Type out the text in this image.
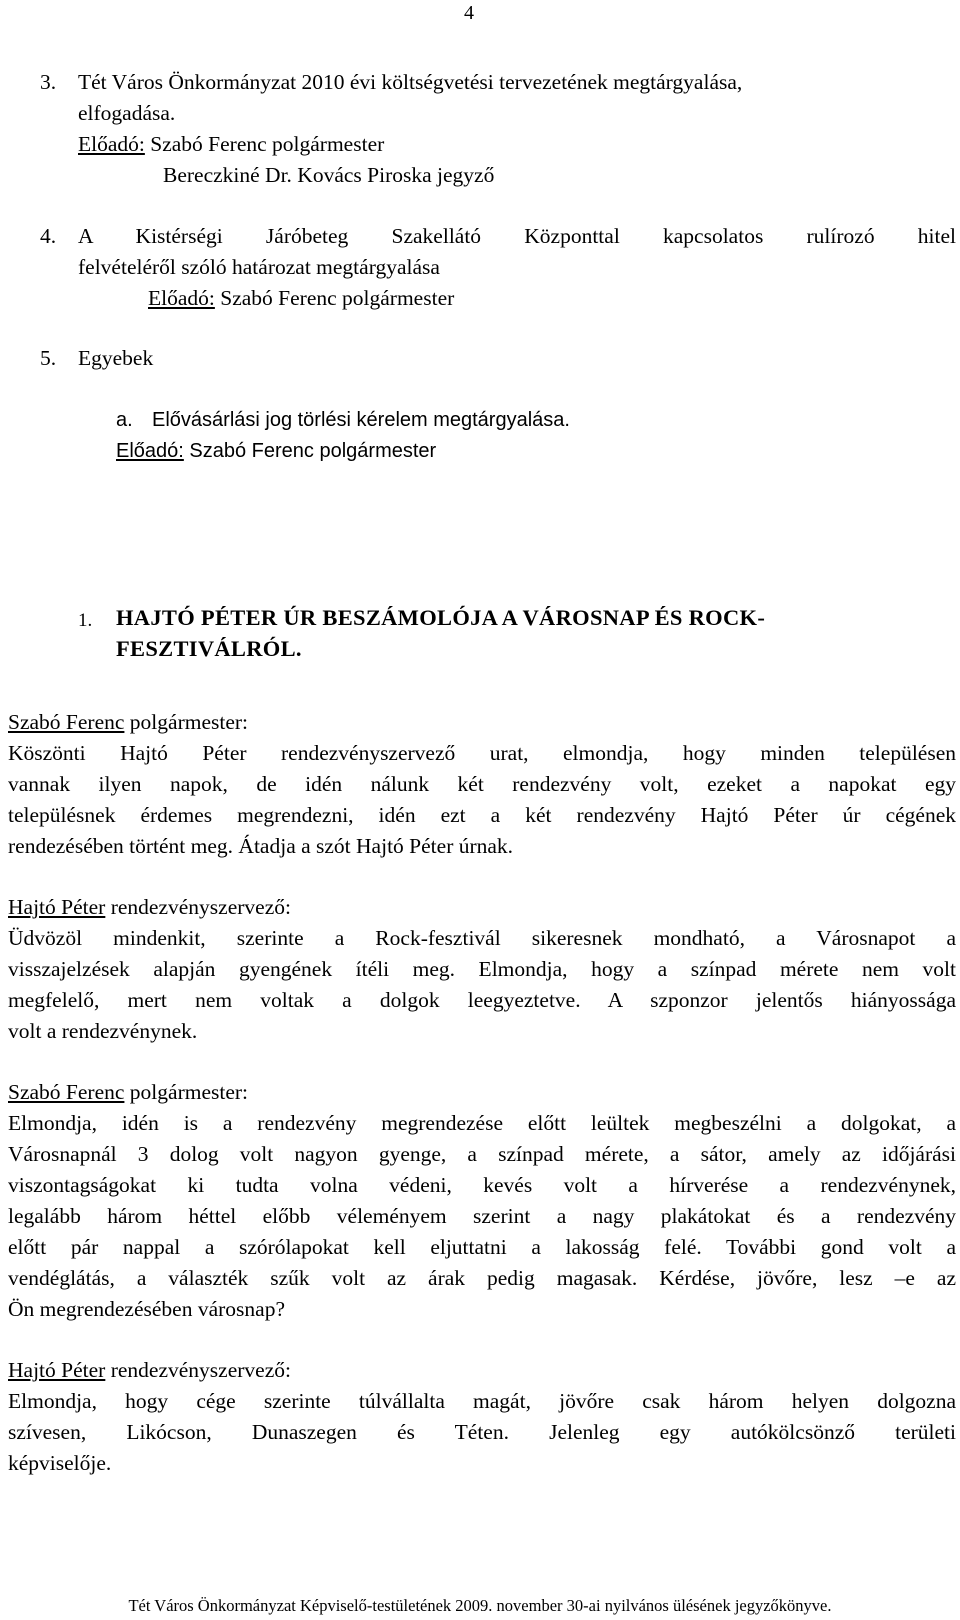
4
3. Tét Város Önkormányzat 2010 évi költségvetési tervezetének megtárgyalása,
elfogadása.
Előadó: Szabó Ferenc polgármester
Bereczkiné Dr. Kovács Piroska jegyző
4. A Kistérségi Járóbeteg Szakellátó Központtal kapcsolatos rulírozó hitel
felvételéről szóló határozat megtárgyalása
Előadó: Szabó Ferenc polgármester
5. Egyebek
a. Elővásárlási jog törlési kérelem megtárgyalása.
Előadó: Szabó Ferenc polgármester
1. HAJTÓ PÉTER ÚR BESZÁMOLÓJA A VÁROSNAP ÉS ROCK-
FESZTIVÁLRÓL.
Szabó Ferenc polgármester:
Köszönti Hajtó Péter rendezvényszervező urat, elmondja, hogy minden településen
vannak ilyen napok, de idén nálunk két rendezvény volt, ezeket a napokat egy
településnek érdemes megrendezni, idén ezt a két rendezvény Hajtó Péter úr cégének
rendezésében történt meg. Átadja a szót Hajtó Péter úrnak.
Hajtó Péter rendezvényszervező:
Üdvözöl mindenkit, szerinte a Rock-fesztivál sikeresnek mondható, a Városnapot a
visszajelzések alapján gyengének ítéli meg. Elmondja, hogy a színpad mérete nem volt
megfelelő, mert nem voltak a dolgok leegyeztetve. A szponzor jelentős hiányossága
volt a rendezvénynek.
Szabó Ferenc polgármester:
Elmondja, idén is a rendezvény megrendezése előtt leültek megbeszélni a dolgokat, a
Városnapnál 3 dolog volt nagyon gyenge, a színpad mérete, a sátor, amely az időjárási
viszontagságokat ki tudta volna védeni, kevés volt a hírverése a rendezvénynek,
legalább három héttel előbb véleményem szerint a nagy plakátokat és a rendezvény
előtt pár nappal a szórólapokat kell eljuttatni a lakosság felé. További gond volt a
vendéglátás, a választék szűk volt az árak pedig magasak. Kérdése, jövőre, lesz –e az
Ön megrendezésében városnap?
Hajtó Péter rendezvényszervező:
Elmondja, hogy cége szerinte túlvállalta magát, jövőre csak három helyen dolgozna
szívesen, Likócson, Dunaszegen és Téten. Jelenleg egy autókölcsönző területi
képviselője.
Tét Város Önkormányzat Képviselő-testületének 2009. november 30-ai nyilvános ülésének jegyzőkönyve.
